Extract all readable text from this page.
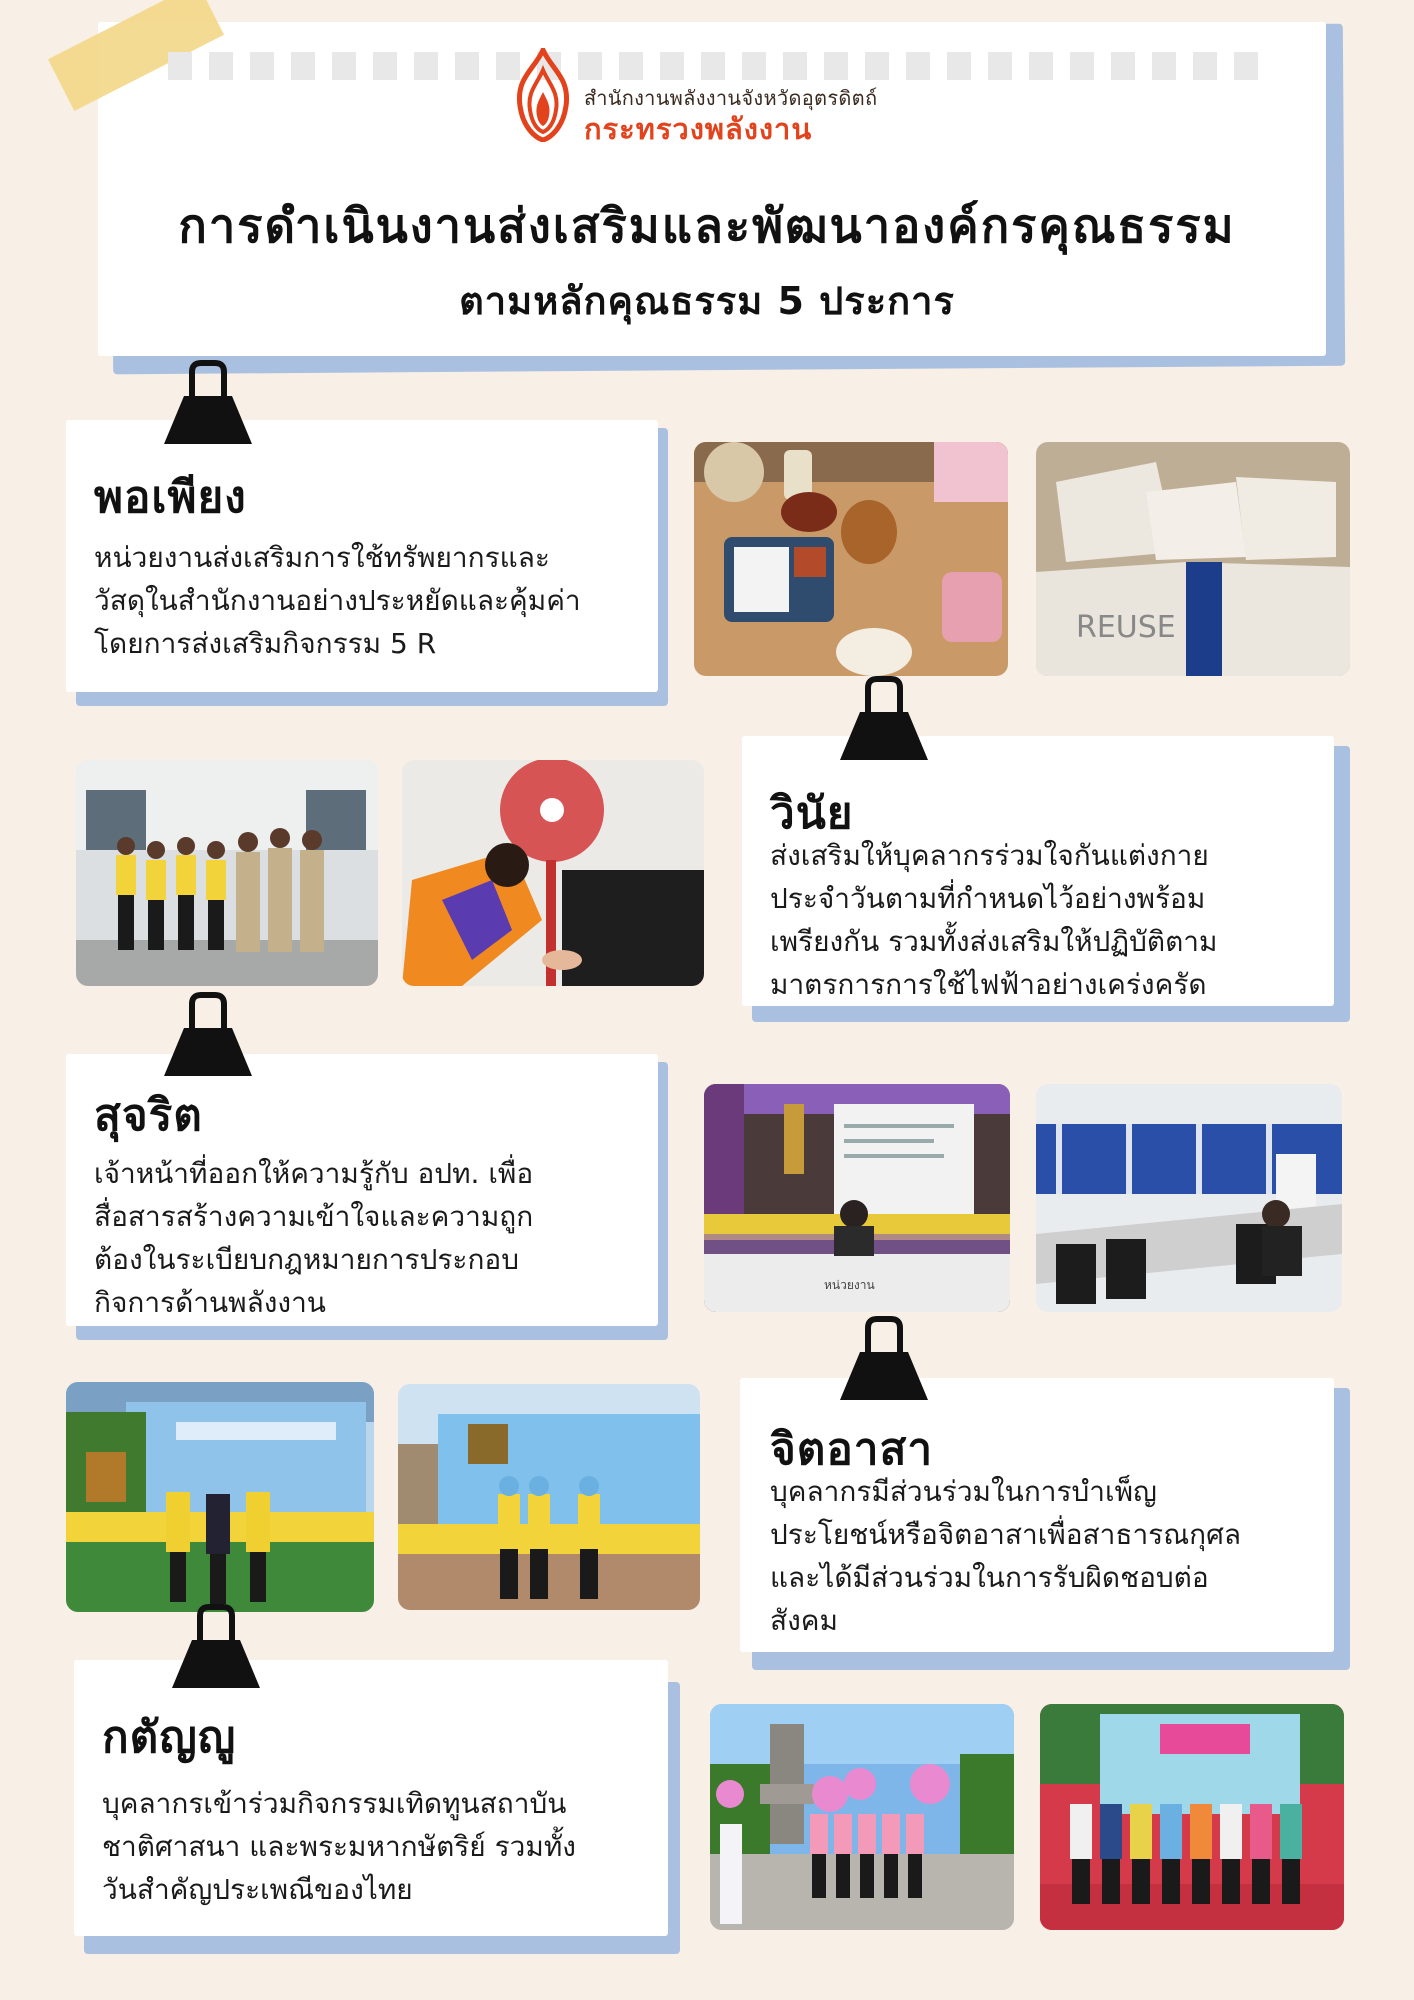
สำนักงานพลังงานจังหวัดอุตรดิตถ์
กระทรวงพลังงาน
การดำเนินงานส่งเสริมและพัฒนาองค์กรคุณธรรม
ตามหลักคุณธรรม 5 ประการ
พอเพียง
หน่วยงานส่งเสริมการใช้ทรัพยากรและ
วัสดุในสำนักงานอย่างประหยัดและคุ้มค่า
โดยการส่งเสริมกิจกรรม 5 R	REUSE
วินัย
ส่งเสริมให้บุคลากรร่วมใจกันแต่งกาย
ประจำวันตามที่กำหนดไว้อย่างพร้อม
เพรียงกัน รวมทั้งส่งเสริมให้ปฏิบัติตาม
มาตรการการใช้ไฟฟ้าอย่างเคร่งครัด
สุจริต
เจ้าหน้าที่ออกให้ความรู้กับ อปท. เพื่อ
สื่อสารสร้างความเข้าใจและความถูก
ต้องในระเบียบกฎหมายการประกอบ
กิจการด้านพลังงาน
หน่วยงาน
จิตอาสา
บุคลากรมีส่วนร่วมในการบำเพ็ญ
ประโยชน์หรือจิตอาสาเพื่อสาธารณกุศล
และได้มีส่วนร่วมในการรับผิดชอบต่อ
สังคม
กตัญญู
บุคลากรเข้าร่วมกิจกรรมเทิดทูนสถาบัน
ชาติศาสนา และพระมหากษัตริย์ รวมทั้ง
วันสำคัญประเพณีของไทย
